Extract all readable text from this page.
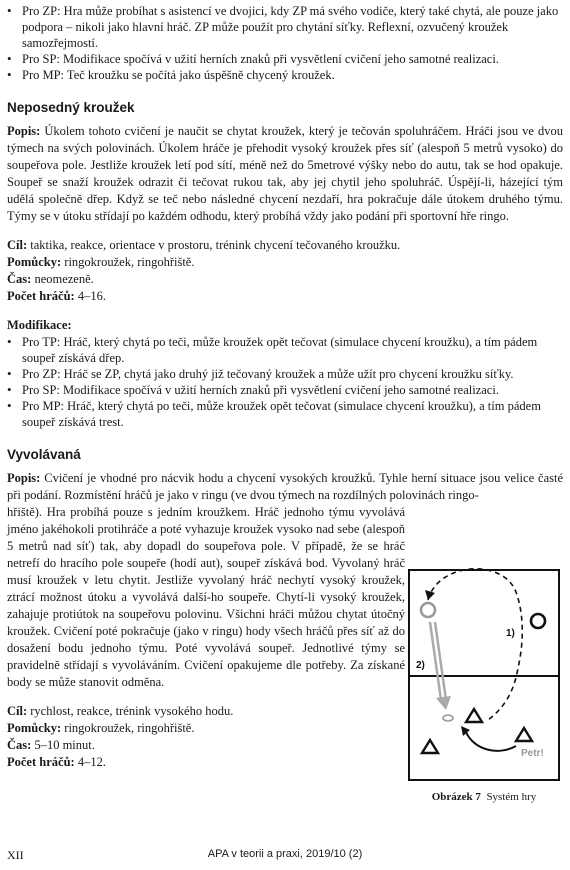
• Pro ZP: Hra může probíhat s asistencí ve dvojici, kdy ZP má svého vodiče, který také chytá, ale pouze jako podpora – nikoli jako hlavní hráč. ZP může použít pro chytání síťky. Reflexní, ozvučený kroužek samozřejmostí.
• Pro SP: Modifikace spočívá v užití herních znaků při vysvětlení cvičení jeho samotné realizaci.
• Pro MP: Teč kroužku se počítá jako úspěšně chycený kroužek.
Neposedný kroužek

Popis: Úkolem tohoto cvičení je naučit se chytat kroužek, který je tečován spoluhráčem. Hráči jsou ve dvou týmech na svých polovinách. Úkolem hráče je přehodit vysoký kroužek přes síť (alespoň 5 metrů vysoko) do soupeřova pole. Jestliže kroužek letí pod sítí, méně než do 5metrové výšky nebo do autu, tak se hod opakuje. Soupeř se snaží kroužek odrazit či tečovat rukou tak, aby jej chytil jeho spoluhráč. Úspějí-li, házející tým udělá společně dřep. Když se teč nebo následné chycení nezdaří, hra pokračuje dále útokem druhého týmu. Týmy se v útoku střídají po každém odhodu, který probíhá vždy jako podání při sportovní hře ringo.

Cíl: taktika, reakce, orientace v prostoru, trénink chycení tečovaného kroužku.
Pomůcky: ringokroužek, ringohřiště.
Čas: neomezeně.
Počet hráčů: 4–16.
Modifikace:
• Pro TP: Hráč, který chytá po teči, může kroužek opět tečovat (simulace chycení kroužku), a tím pádem soupeř získává dřep.
• Pro ZP: Hráč se ZP, chytá jako druhý již tečovaný kroužek a může užít pro chycení kroužku síťky.
• Pro SP: Modifikace spočívá v užití herních znaků při vysvětlení cvičení jeho samotné realizaci.
• Pro MP: Hráč, který chytá po teči, může kroužek opět tečovat (simulace chycení kroužku), a tím pádem soupeř získává trest.
Vyvolávaná

Popis: Cvičení je vhodné pro nácvik hodu a chycení vysokých kroužků. Tyhle herní situace jsou velice časté při podání. Rozmístění hráčů je jako v ringu (ve dvou týmech na rozdílných polovinách ringo-

hřiště). Hra probíhá pouze s jedním kroužkem. Hráč jednoho týmu vyvolává jméno jakéhokoli protihráče a poté vyhazuje kroužek vysoko nad sebe (alespoň 5 metrů nad síť) tak, aby dopadl do soupeřova pole. V případě, že se hráč netrefí do hracího pole soupeře (hodí aut), soupeř získává bod. Vyvolaný hráč musí kroužek v letu chytit. Jestliže vyvolaný hráč nechytí vysoký kroužek, ztrácí možnost útoku a vyvolává další-ho soupeře. Chytí-li vysoký kroužek, zahajuje protiútok na soupeřovu polovinu. Všichni hráči můžou chytat útočný kroužek. Cvičení poté pokračuje (jako v ringu) hody všech hráčů přes síť až do dosažení bodu jednoho týmu. Poté vyvolává soupeř. Jednotlivé týmy se pravidelně střídají s vyvoláváním. Cvičení opakujeme dle potřeby. Za získané body se může stanovit odměna.

Cíl: rychlost, reakce, trénink vysokého hodu.
Pomůcky: ringokroužek, ringohřiště.
Čas: 5–10 minut.
Počet hráčů: 4–12.
1)
2)
Petr!
Obrázek 7 Systém hry
APA v teorii a praxi, 2019/10 (2)
XII
